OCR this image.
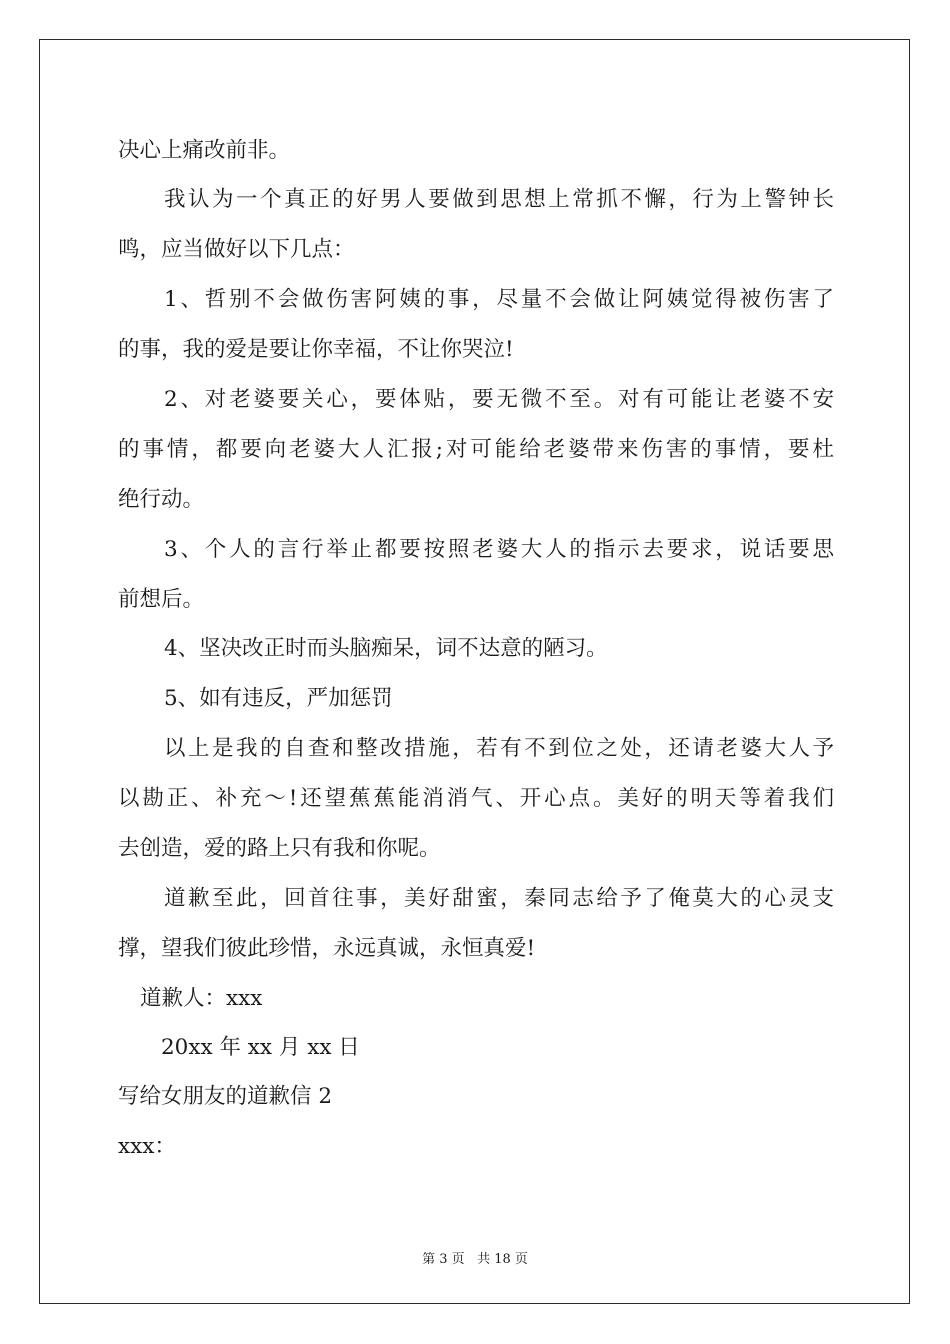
决心上痛改前非。

我认为一个真正的好男人要做到思想上常抓不懈，行为上警钟长

鸣，应当做好以下几点：

1、哲别不会做伤害阿姨的事，尽量不会做让阿姨觉得被伤害了

的事，我的爱是要让你幸福，不让你哭泣!

2、对老婆要关心，要体贴，要无微不至。对有可能让老婆不安

的事情，都要向老婆大人汇报;对可能给老婆带来伤害的事情，要杜

绝行动。

3、个人的言行举止都要按照老婆大人的指示去要求，说话要思

前想后。

4、坚决改正时而头脑痴呆，词不达意的陋习。

5、如有违反，严加惩罚

以上是我的自查和整改措施，若有不到位之处，还请老婆大人予

以勘正、补充～!还望蕉蕉能消消气、开心点。美好的明天等着我们

去创造，爱的路上只有我和你呢。

道歉至此，回首往事，美好甜蜜，秦同志给予了俺莫大的心灵支

撑，望我们彼此珍惜，永远真诚，永恒真爱!

道歉人：xxx

20xx 年 xx 月 xx 日

写给女朋友的道歉信 2

xxx：

第 3 页 共 18 页
